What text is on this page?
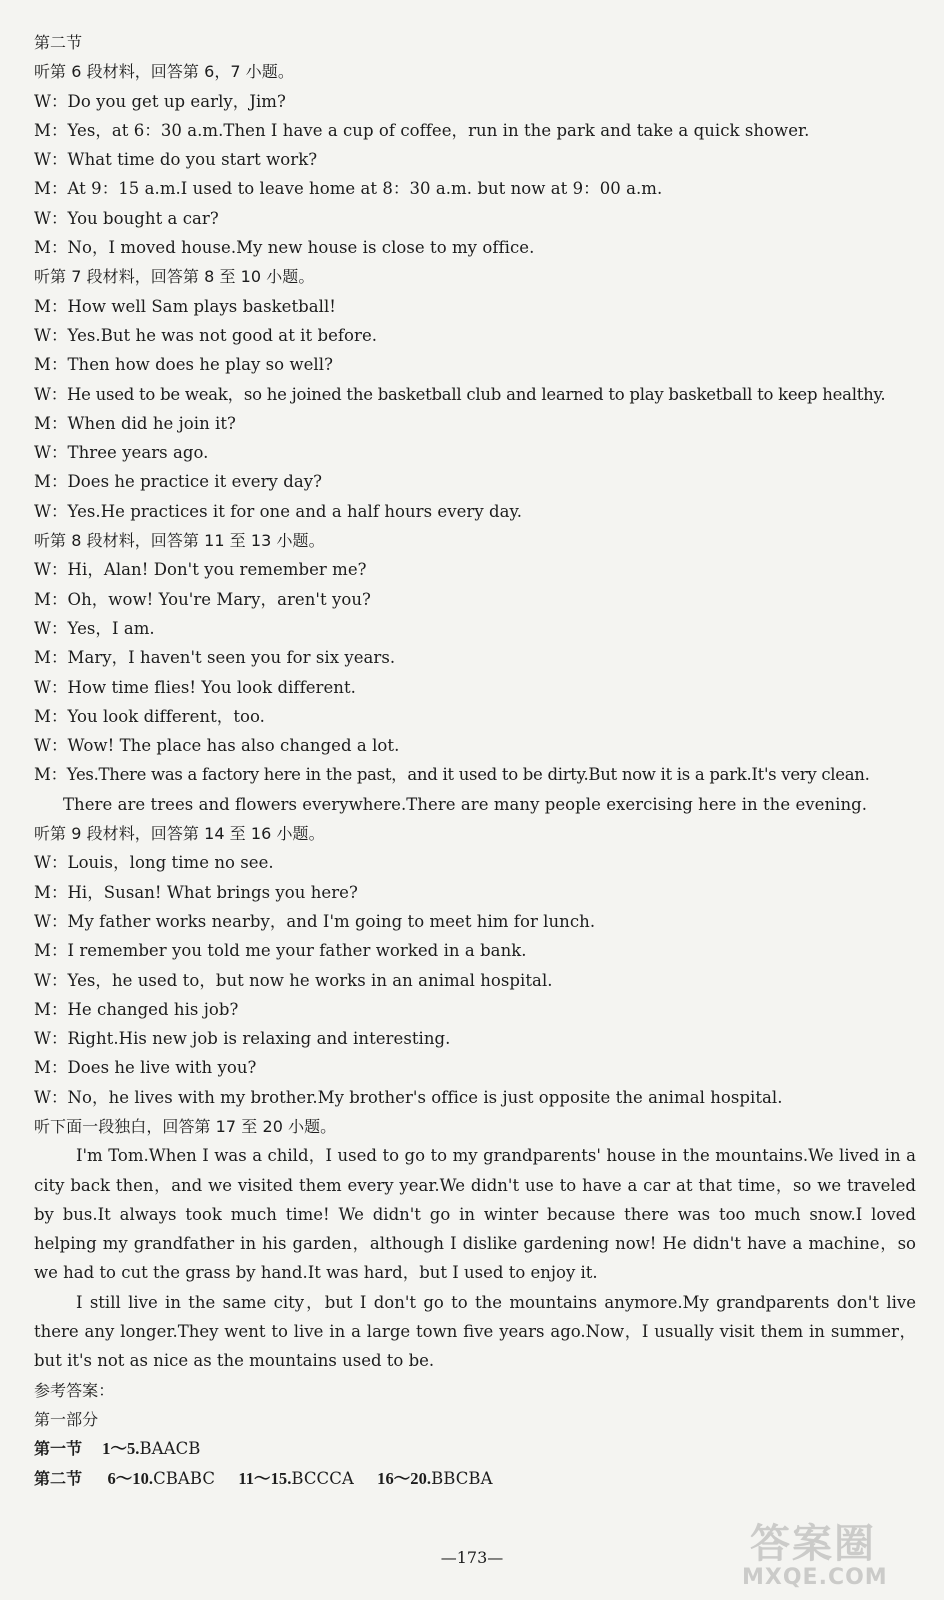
第二节
听第 6 段材料，回答第 6，7 小题。
W：Do you get up early，Jim?
M：Yes，at 6：30 a.m.Then I have a cup of coffee，run in the park and take a quick shower.
W：What time do you start work?
M：At 9：15 a.m.I used to leave home at 8：30 a.m. but now at 9：00 a.m.
W：You bought a car?
M：No，I moved house.My new house is close to my office.
听第 7 段材料，回答第 8 至 10 小题。
M：How well Sam plays basketball!
W：Yes.But he was not good at it before.
M：Then how does he play so well?
W：He used to be weak，so he joined the basketball club and learned to play basketball to keep healthy.
M：When did he join it?
W：Three years ago.
M：Does he practice it every day?
W：Yes.He practices it for one and a half hours every day.
听第 8 段材料，回答第 11 至 13 小题。
W：Hi，Alan! Don't you remember me?
M：Oh，wow! You're Mary，aren't you?
W：Yes，I am.
M：Mary，I haven't seen you for six years.
W：How time flies! You look different.
M：You look different，too.
W：Wow! The place has also changed a lot.
M：Yes.There was a factory here in the past，and it used to be dirty.But now it is a park.It's very clean.
There are trees and flowers everywhere.There are many people exercising here in the evening.
听第 9 段材料，回答第 14 至 16 小题。
W：Louis，long time no see.
M：Hi，Susan! What brings you here?
W：My father works nearby，and I'm going to meet him for lunch.
M：I remember you told me your father worked in a bank.
W：Yes，he used to，but now he works in an animal hospital.
M：He changed his job?
W：Right.His new job is relaxing and interesting.
M：Does he live with you?
W：No，he lives with my brother.My brother's office is just opposite the animal hospital.
听下面一段独白，回答第 17 至 20 小题。
I'm Tom.When I was a child，I used to go to my grandparents' house in the mountains.We lived in a city back then，and we visited them every year.We didn't use to have a car at that time，so we traveled by bus.It always took much time! We didn't go in winter because there was too much snow.I loved helping my grandfather in his garden，although I dislike gardening now! He didn't have a machine，so we had to cut the grass by hand.It was hard，but I used to enjoy it.
I still live in the same city，but I don't go to the mountains anymore.My grandparents don't live there any longer.They went to live in a large town five years ago.Now，I usually visit them in summer，but it's not as nice as the mountains used to be.
参考答案：
第一部分
第一节 1～5.BAACB
第二节 6～10.CBABC 11～15.BCCCA 16～20.BBCBA
—173—	答案圈
MXQE.COM
